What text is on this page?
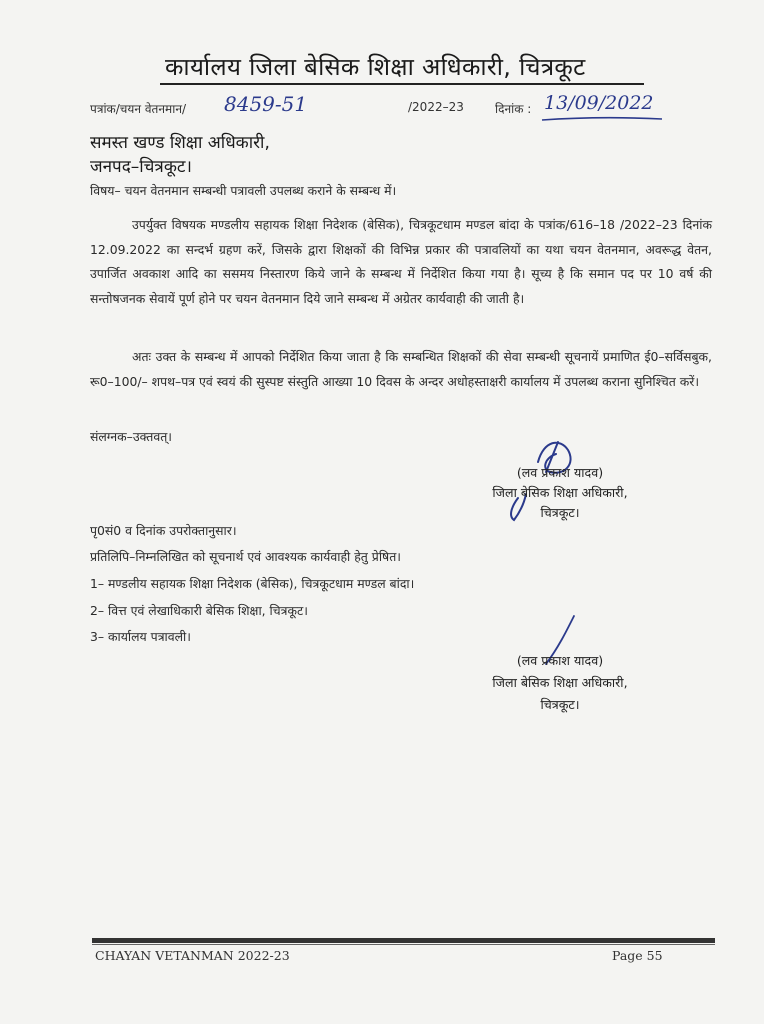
कार्यालय जिला बेसिक शिक्षा अधिकारी, चित्रकूट
पत्रांक/चयन वेतनमान/ 8459-51	/2022–23	दिनांक : 13/09/2022
समस्त खण्ड शिक्षा अधिकारी,
जनपद–चित्रकूट।
विषय– चयन वेतनमान सम्बन्धी पत्रावली उपलब्ध कराने के सम्बन्ध में।
उपर्युक्त विषयक मण्डलीय सहायक शिक्षा निदेशक (बेसिक), चित्रकूटधाम मण्डल बांदा के पत्रांक/616–18 /2022–23 दिनांक 12.09.2022 का सन्दर्भ ग्रहण करें, जिसके द्वारा शिक्षकों की विभिन्न प्रकार की पत्रावलियों का यथा चयन वेतनमान, अवरूद्ध वेतन, उपार्जित अवकाश आदि का ससमय निस्तारण किये जाने के सम्बन्ध में निर्देशित किया गया है। सूच्य है कि समान पद पर 10 वर्ष की सन्तोषजनक सेवायें पूर्ण होने पर चयन वेतनमान दिये जाने सम्बन्ध में अग्रेतर कार्यवाही की जाती है।
अतः उक्त के सम्बन्ध में आपको निर्देशित किया जाता है कि सम्बन्धित शिक्षकों की सेवा सम्बन्धी सूचनायें प्रमाणित ई0–सर्विसबुक, रू0–100/– शपथ–पत्र एवं स्वयं की सुस्पष्ट संस्तुति आख्या 10 दिवस के अन्दर अधोहस्ताक्षरी कार्यालय में उपलब्ध कराना सुनिश्चित करें।
संलग्नक–उक्तवत्।
(लव प्रकाश यादव)
जिला बेसिक शिक्षा अधिकारी,
चित्रकूट।
पृ0सं0 व दिनांक उपरोक्तानुसार।
प्रतिलिपि–निम्नलिखित को सूचनार्थ एवं आवश्यक कार्यवाही हेतु प्रेषित।
1– मण्डलीय सहायक शिक्षा निदेशक (बेसिक), चित्रकूटधाम मण्डल बांदा।
2– वित्त एवं लेखाधिकारी बेसिक शिक्षा, चित्रकूट।
3– कार्यालय पत्रावली।
(लव प्रकाश यादव)
जिला बेसिक शिक्षा अधिकारी,
चित्रकूट।
CHAYAN VETANMAN 2022-23	Page 55
